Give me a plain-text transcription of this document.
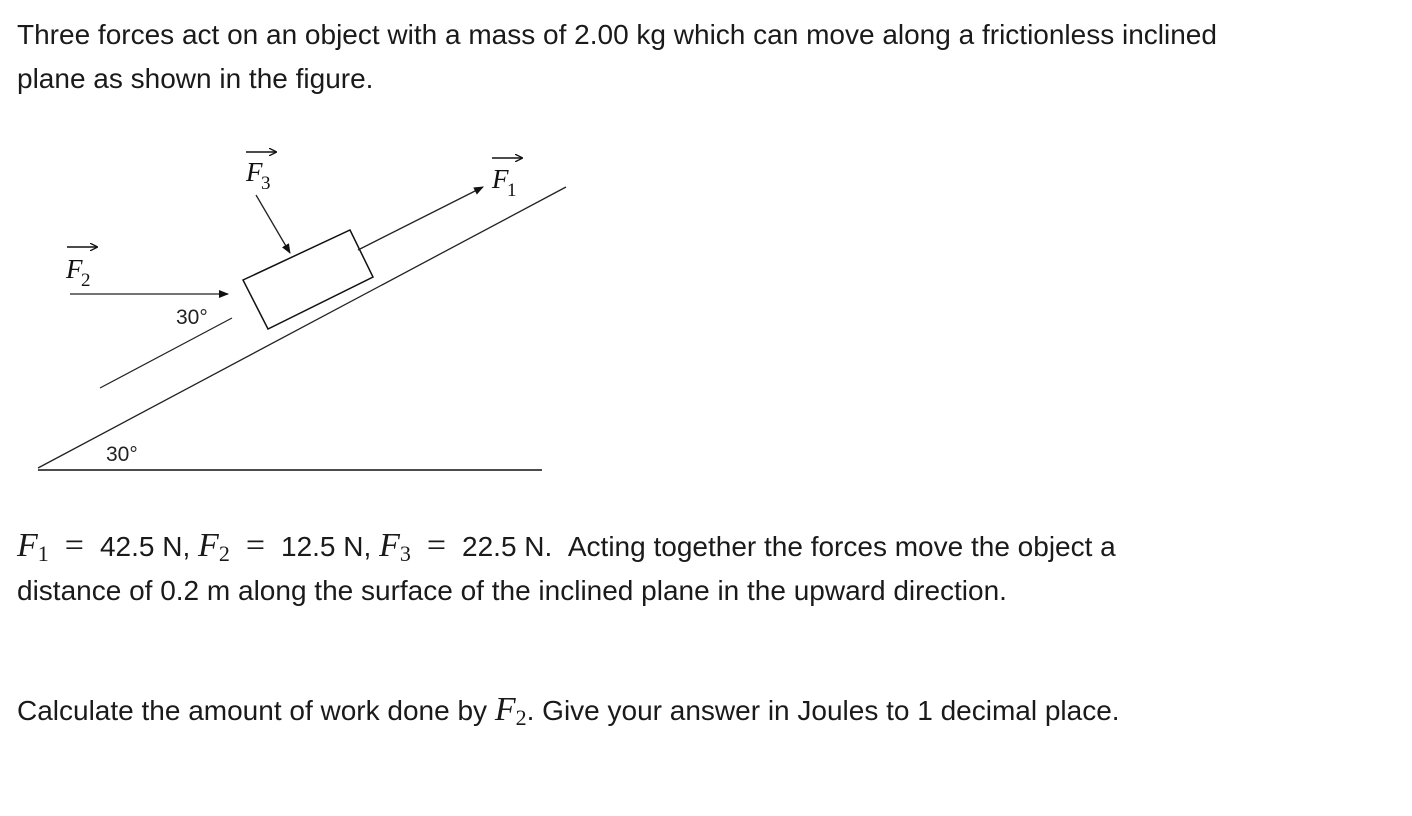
Three forces act on an object with a mass of 2.00 kg which can move along a frictionless inclined plane as shown in the figure.

F
2
F
3	F
1
30°
30°

$F_1 = 42.5$ N, $F_2 = 12.5$ N, $F_3 = 22.5$ N. Acting together the forces move the object a distance of 0.2 m along the surface of the inclined plane in the upward direction.

Calculate the amount of work done by $F_2$. Give your answer in Joules to 1 decimal place.
